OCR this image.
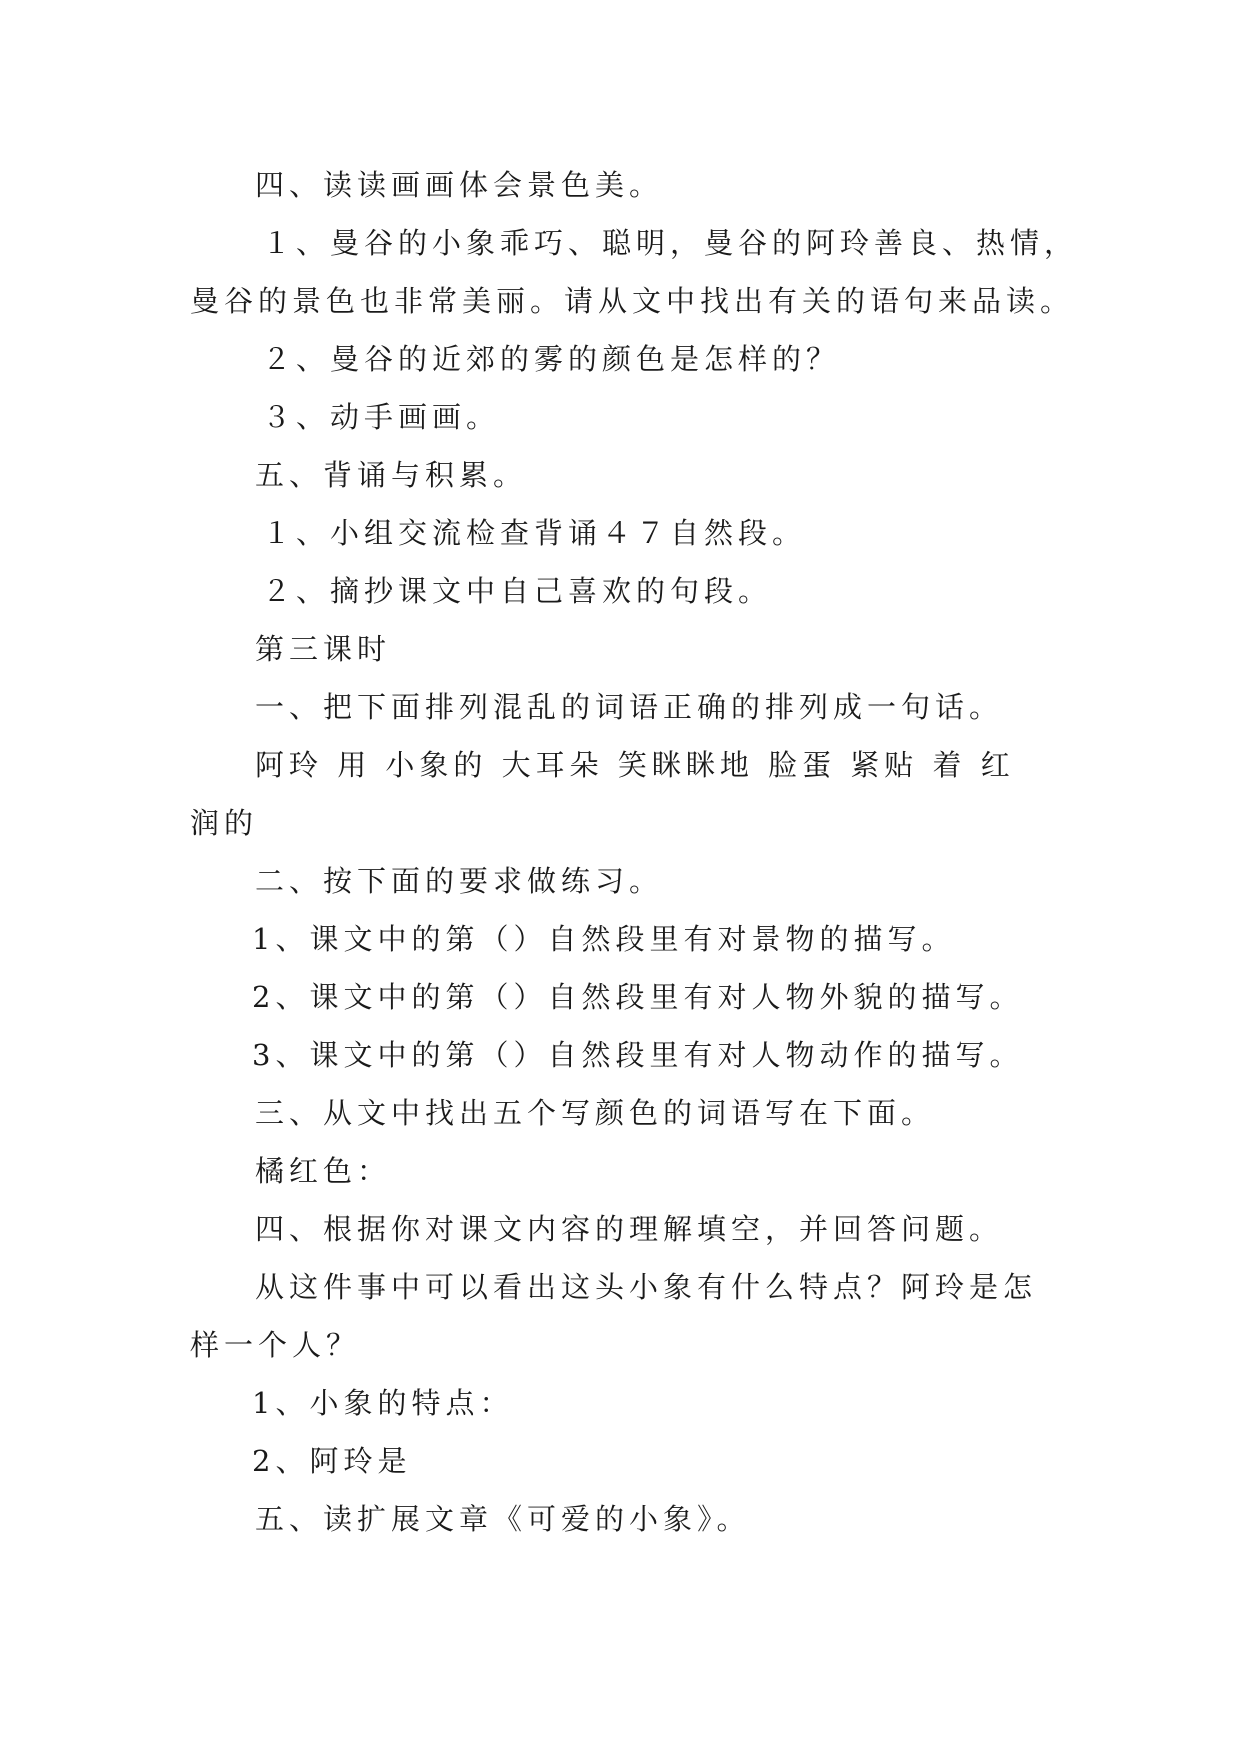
四、读读画画体会景色美。
１、曼谷的小象乖巧、聪明，曼谷的阿玲善良、热情，
曼谷的景色也非常美丽。请从文中找出有关的语句来品读。
２、曼谷的近郊的雾的颜色是怎样的？
３、动手画画。
五、背诵与积累。
１、小组交流检查背诵４７自然段。
２、摘抄课文中自己喜欢的句段。
第三课时
一、把下面排列混乱的词语正确的排列成一句话。
阿玲 用 小象的 大耳朵 笑眯眯地 脸蛋 紧贴 着 红
润的
二、按下面的要求做练习。
1、课文中的第（）自然段里有对景物的描写。
2、课文中的第（）自然段里有对人物外貌的描写。
3、课文中的第（）自然段里有对人物动作的描写。
三、从文中找出五个写颜色的词语写在下面。
橘红色：
四、根据你对课文内容的理解填空，并回答问题。
从这件事中可以看出这头小象有什么特点？阿玲是怎
样一个人？
1、小象的特点：
2、阿玲是
五、读扩展文章《可爱的小象》。
